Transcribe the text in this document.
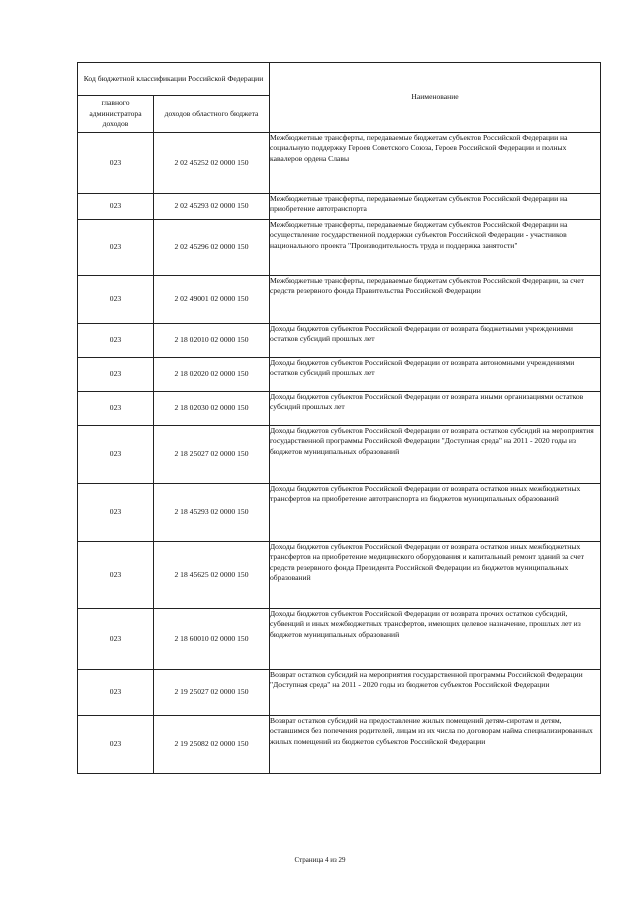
Код бюджетной классификации Российской Федерации		Наименование
главного администратора доходов	доходов областного бюджета	
023	2 02 45252 02 0000 150	Межбюджетные трансферты, передаваемые бюджетам субъектов Российской Федерации на социальную поддержку Героев Советского Союза, Героев Российской Федерации и полных кавалеров ордена Славы
023	2 02 45293 02 0000 150	Межбюджетные трансферты, передаваемые бюджетам субъектов Российской Федерации на приобретение автотранспорта
023	2 02 45296 02 0000 150	Межбюджетные трансферты, передаваемые бюджетам субъектов Российской Федерации на осуществление государственной поддержки субъектов Российской Федерации - участников национального проекта "Производительность труда и поддержка занятости"
023	2 02 49001 02 0000 150	Межбюджетные трансферты, передаваемые бюджетам субъектов Российской Федерации, за счет средств резервного фонда Правительства Российской Федерации
023	2 18 02010 02 0000 150	Доходы бюджетов субъектов Российской Федерации от возврата бюджетными учреждениями остатков субсидий прошлых лет
023	2 18 02020 02 0000 150	Доходы бюджетов субъектов Российской Федерации от возврата автономными учреждениями остатков субсидий прошлых лет
023	2 18 02030 02 0000 150	Доходы бюджетов субъектов Российской Федерации от возврата иными организациями остатков субсидий прошлых лет
023	2 18 25027 02 0000 150	Доходы бюджетов субъектов Российской Федерации от возврата остатков субсидий на мероприятия государственной программы Российской Федерации "Доступная среда" на 2011 - 2020 годы из бюджетов муниципальных образований
023	2 18 45293 02 0000 150	Доходы бюджетов субъектов Российской Федерации от возврата остатков иных межбюджетных трансфертов на приобретение автотранспорта из бюджетов муниципальных образований
023	2 18 45625 02 0000 150	Доходы бюджетов субъектов Российской Федерации от возврата остатков иных межбюджетных трансфертов на приобретение медицинского оборудования и капитальный ремонт зданий за счет средств резервного фонда Президента Российской Федерации из бюджетов муниципальных образований
023	2 18 60010 02 0000 150	Доходы бюджетов субъектов Российской Федерации от возврата прочих остатков субсидий, субвенций и иных межбюджетных трансфертов, имеющих целевое назначение, прошлых лет из бюджетов муниципальных образований
023	2 19 25027 02 0000 150	Возврат остатков субсидий на мероприятия государственной программы Российской Федерации "Доступная среда" на 2011 - 2020 годы из бюджетов субъектов Российской Федерации
023	2 19 25082 02 0000 150	Возврат остатков субсидий на предоставление жилых помещений детям-сиротам и детям, оставшимся без попечения родителей, лицам из их числа по договорам найма специализированных жилых помещений из бюджетов субъектов Российской Федерации
Страница 4 из 29
